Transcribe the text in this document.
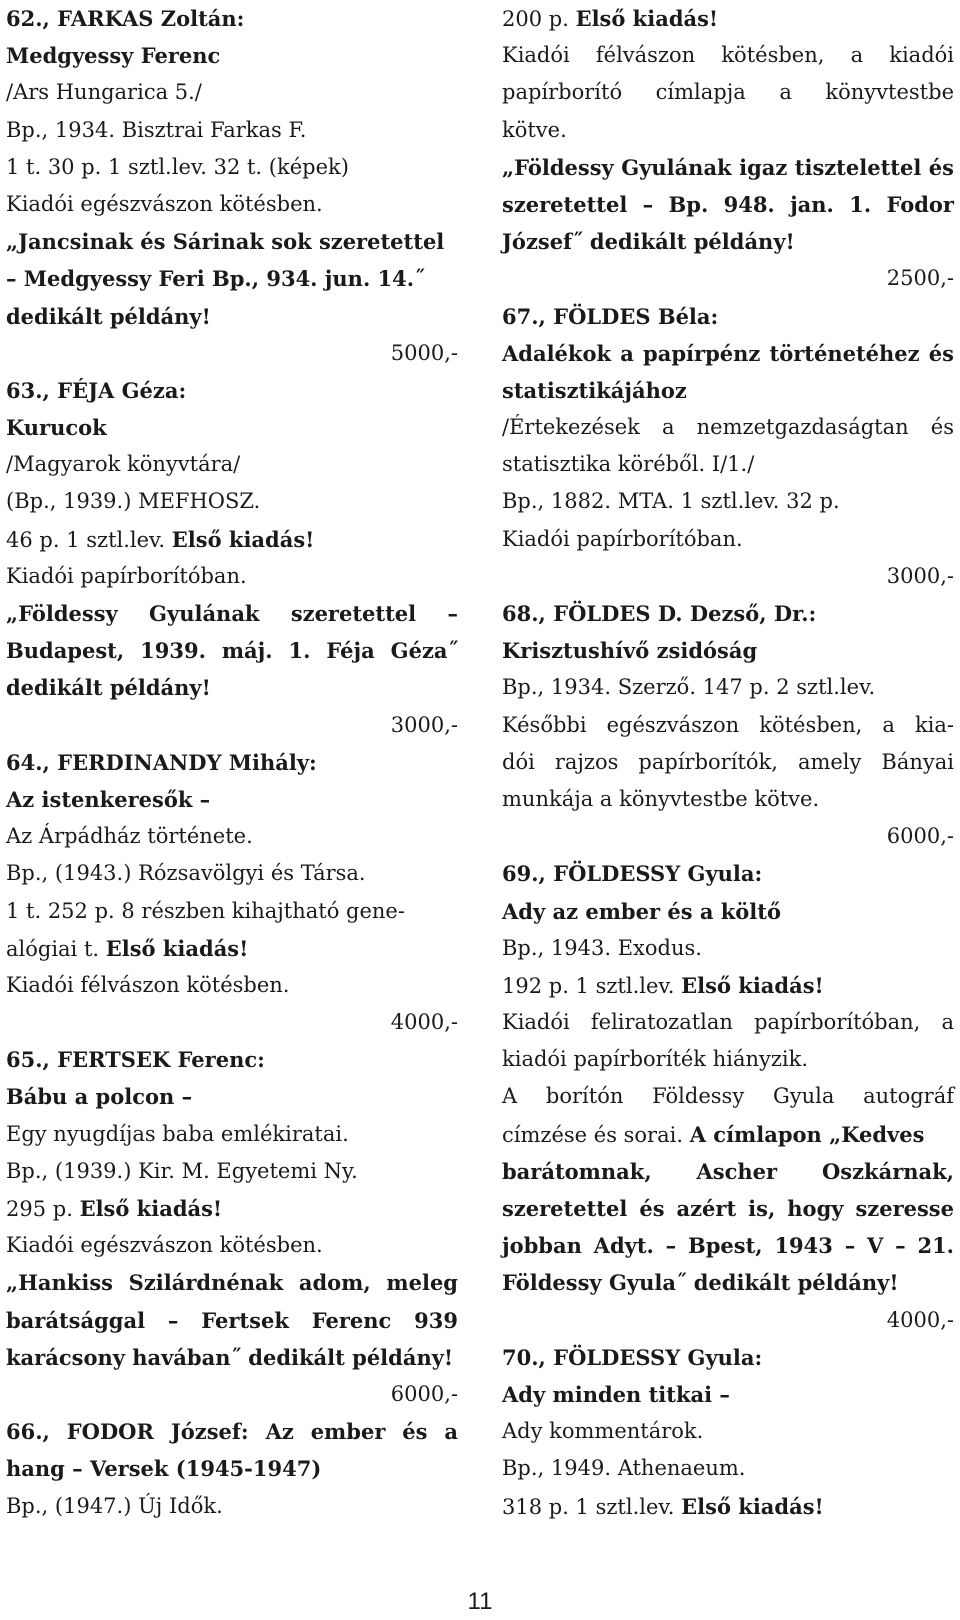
62., FARKAS Zoltán:
Medgyessy Ferenc
/Ars Hungarica 5./
Bp., 1934. Bisztrai Farkas F.
1 t. 30 p. 1 sztl.lev. 32 t. (képek)
Kiadói egészvászon kötésben.
„Jancsinak és Sárinak sok szeretettel
– Medgyessy Feri Bp., 934. jun. 14.˝
dedikált példány!
5000,-
63., FÉJA Géza:
Kurucok
/Magyarok könyvtára/
(Bp., 1939.) MEFHOSZ.
46 p. 1 sztl.lev. Első kiadás!
Kiadói papírborítóban.
„Földessy Gyulának szeretettel –
Budapest, 1939. máj. 1. Féja Géza˝
dedikált példány!
3000,-
64., FERDINANDY Mihály:
Az istenkeresők –
Az Árpádház története.
Bp., (1943.) Rózsavölgyi és Társa.
1 t. 252 p. 8 részben kihajtható gene-
alógiai t. Első kiadás!
Kiadói félvászon kötésben.
4000,-
65., FERTSEK Ferenc:
Bábu a polcon –
Egy nyugdíjas baba emlékiratai.
Bp., (1939.) Kir. M. Egyetemi Ny.
295 p. Első kiadás!
Kiadói egészvászon kötésben.
„Hankiss Szilárdnénak adom, meleg
barátsággal – Fertsek Ferenc 939
karácsony havában˝ dedikált példány!
6000,-
66., FODOR József: Az ember és a
hang – Versek (1945-1947)
Bp., (1947.) Új Idők.
200 p. Első kiadás!
Kiadói félvászon kötésben, a kiadói
papírborító címlapja a könyvtestbe
kötve.
„Földessy Gyulának igaz tisztelettel és
szeretettel – Bp. 948. jan. 1. Fodor
József˝ dedikált példány!
2500,-
67., FÖLDES Béla:
Adalékok a papírpénz történetéhez és
statisztikájához
/Értekezések a nemzetgazdaságtan és
statisztika köréből. I/1./
Bp., 1882. MTA. 1 sztl.lev. 32 p.
Kiadói papírborítóban.
3000,-
68., FÖLDES D. Dezső, Dr.:
Krisztushívő zsidóság
Bp., 1934. Szerző. 147 p. 2 sztl.lev.
Későbbi egészvászon kötésben, a kia-
dói rajzos papírborítók, amely Bányai
munkája a könyvtestbe kötve.
6000,-
69., FÖLDESSY Gyula:
Ady az ember és a költő
Bp., 1943. Exodus.
192 p. 1 sztl.lev. Első kiadás!
Kiadói feliratozatlan papírborítóban, a
kiadói papírboríték hiányzik.
A borítón Földessy Gyula autográf
címzése és sorai. A címlapon „Kedves
barátomnak, Ascher Oszkárnak,
szeretettel és azért is, hogy szeresse
jobban Adyt. – Bpest, 1943 – V – 21.
Földessy Gyula˝ dedikált példány!
4000,-
70., FÖLDESSY Gyula:
Ady minden titkai –
Ady kommentárok.
Bp., 1949. Athenaeum.
318 p. 1 sztl.lev. Első kiadás!
11
